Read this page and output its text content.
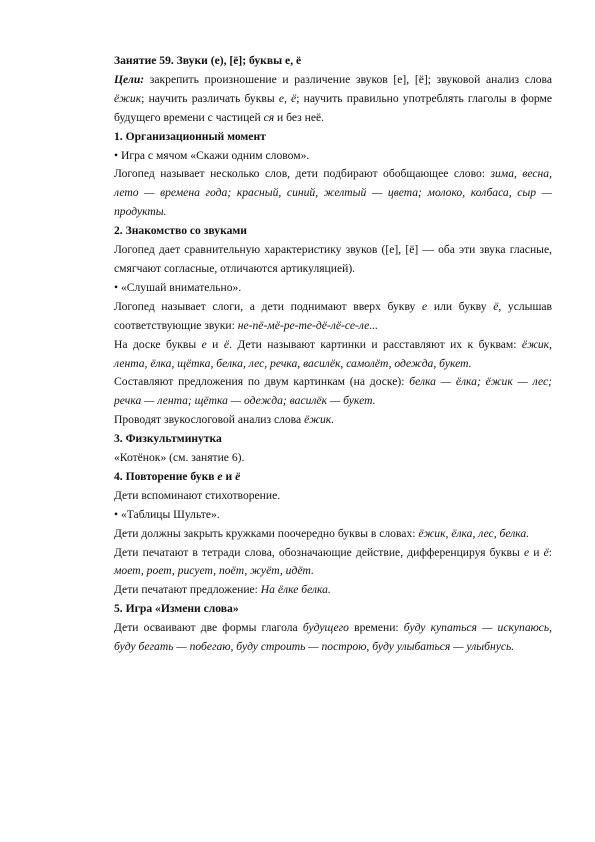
Занятие 59. Звуки (е), [ё]; буквы е, ё

Цели: закрепить произношение и различение звуков [е], [ё]; звуковой анализ слова ёжик; научить различать буквы е, ё; научить правильно употреблять глаголы в форме будущего времени с частицей ся и без неё.

1. Организационный момент

• Игра с мячом «Скажи одним словом».

Логопед называет несколько слов, дети подбирают обобщающее слово: зима, весна, лето — времена года; красный, синий, желтый — цвета; молоко, колбаса, сыр — продукты.

2. Знакомство со звуками

Логопед дает сравнительную характеристику звуков ([е], [ё] — оба эти звука гласные, смягчают согласные, отличаются артикуляцией).

• «Слушай внимательно».

Логопед называет слоги, а дети поднимают вверх букву е или букву ё, услышав соответствующие звуки: не-пё-мё-ре-те-дё-лё-се-ле...

На доске буквы е и ё. Дети называют картинки и расставляют их к буквам: ёжик, лента, ёлка, щётка, белка, лес, речка, василёк, самолёт, одежда, букет.

Составляют предложения по двум картинкам (на доске): белка — ёлка; ёжик — лес; речка — лента; щётка — одежда; василёк — букет.

Проводят звукослоговой анализ слова ёжик.

3. Физкультминутка

«Котёнок» (см. занятие 6).

4. Повторение букв е и ё

Дети вспоминают стихотворение.

• «Таблицы Шульте».

Дети должны закрыть кружками поочередно буквы в словах: ёжик, ёлка, лес, белка.

Дети печатают в тетради слова, обозначающие действие, дифференцируя буквы е и ё: моет, роет, рисует, поёт, жуёт, идёт.

Дети печатают предложение: На ёлке белка.

5. Игра «Измени слова»

Дети осваивают две формы глагола будущего времени: буду купаться — искупаюсь, буду бегать — побегаю, буду строить — построю, буду улыбаться — улыбнусь.
